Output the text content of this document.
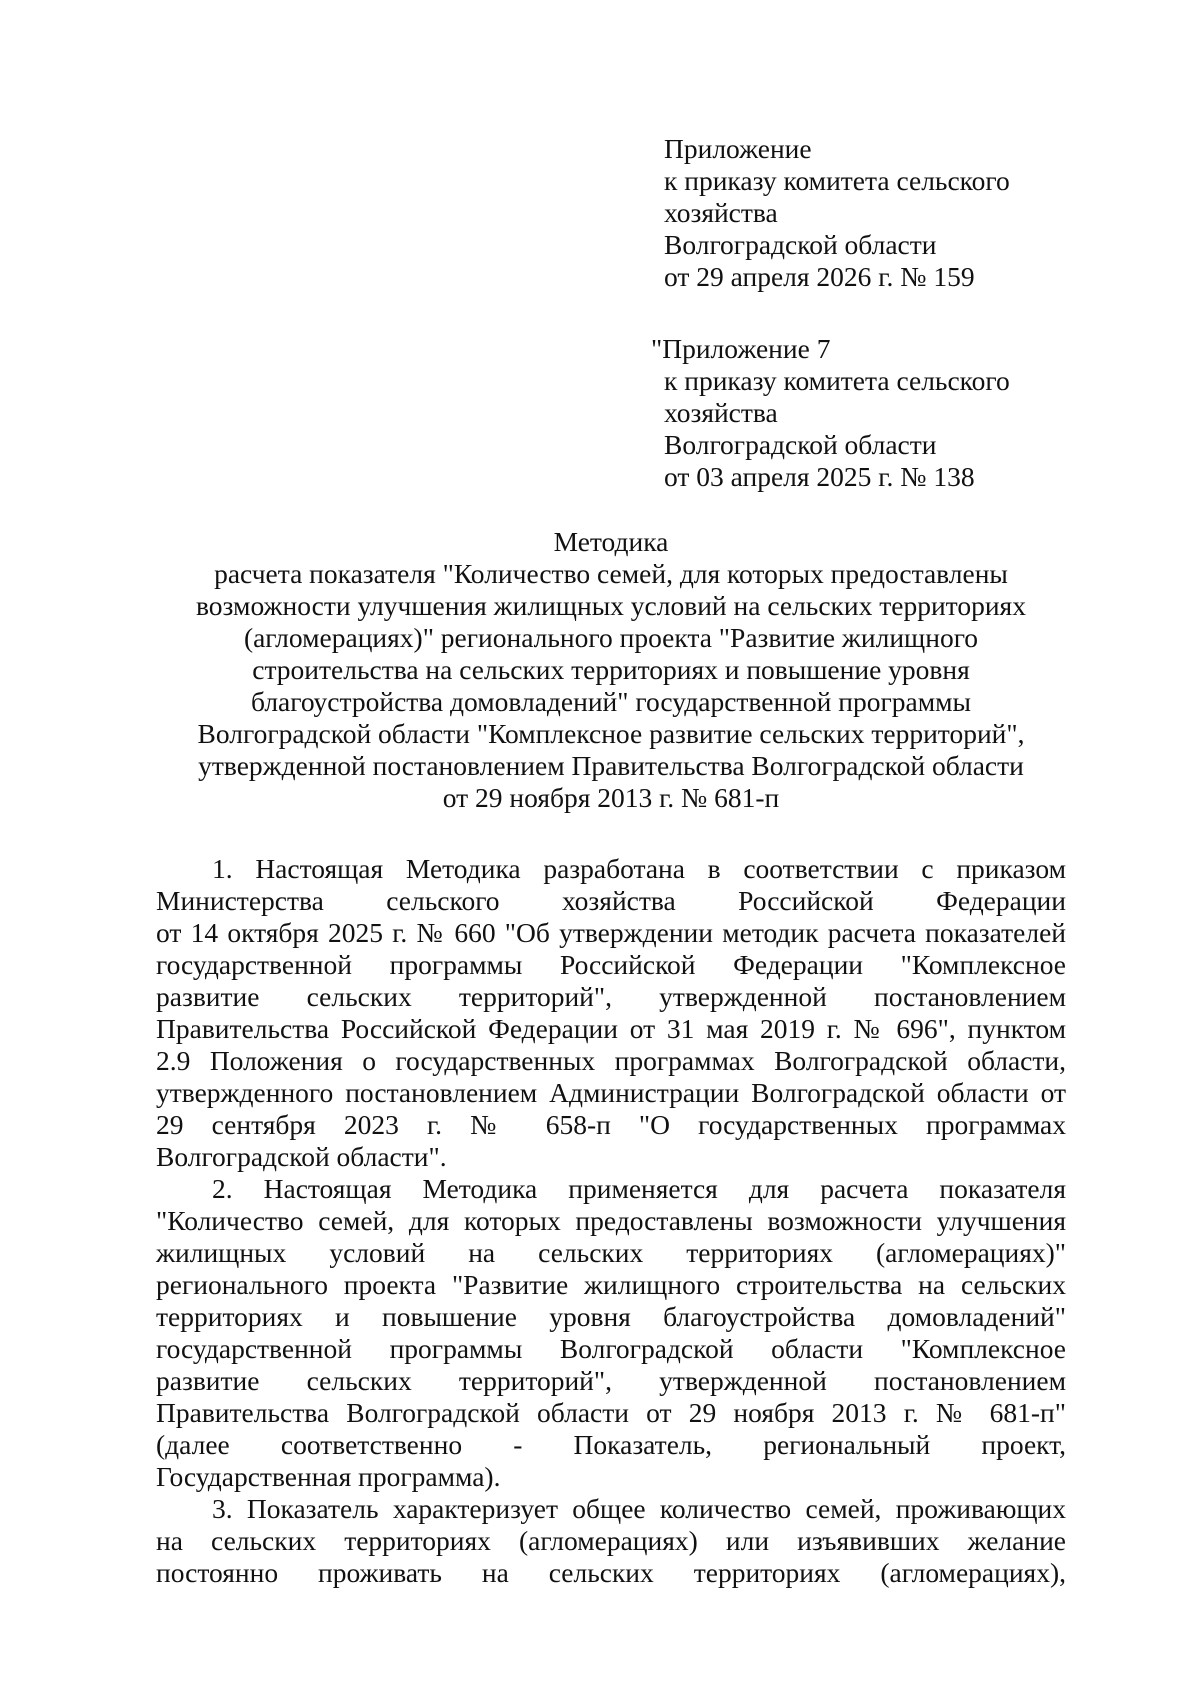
Приложение
к приказу комитета сельского
хозяйства
Волгоградской области
от 29 апреля 2026 г. № 159
"Приложение 7
к приказу комитета сельского
хозяйства
Волгоградской области
от 03 апреля 2025 г. № 138
Методика
расчета показателя "Количество семей, для которых предоставлены
возможности улучшения жилищных условий на сельских территориях
(агломерациях)" регионального проекта "Развитие жилищного
строительства на сельских территориях и повышение уровня
благоустройства домовладений" государственной программы
Волгоградской области "Комплексное развитие сельских территорий",
утвержденной постановлением Правительства Волгоградской области
от 29 ноября 2013 г. № 681-п
1. Настоящая Методика разработана в соответствии с приказом
Министерства сельского хозяйства Российской Федерации
от 14 октября 2025 г. № 660 "Об утверждении методик расчета показателей
государственной программы Российской Федерации "Комплексное
развитие сельских территорий", утвержденной постановлением
Правительства Российской Федерации от 31 мая 2019 г. № 696", пунктом
2.9 Положения о государственных программах Волгоградской области,
утвержденного постановлением Администрации Волгоградской области от
29 сентября 2023 г. № 658-п "О государственных программах
Волгоградской области".
2. Настоящая Методика применяется для расчета показателя
"Количество семей, для которых предоставлены возможности улучшения
жилищных условий на сельских территориях (агломерациях)"
регионального проекта "Развитие жилищного строительства на сельских
территориях и повышение уровня благоустройства домовладений"
государственной программы Волгоградской области "Комплексное
развитие сельских территорий", утвержденной постановлением
Правительства Волгоградской области от 29 ноября 2013 г. № 681-п"
(далее соответственно - Показатель, региональный проект,
Государственная программа).
3. Показатель характеризует общее количество семей, проживающих
на сельских территориях (агломерациях) или изъявивших желание
постоянно проживать на сельских территориях (агломерациях),
